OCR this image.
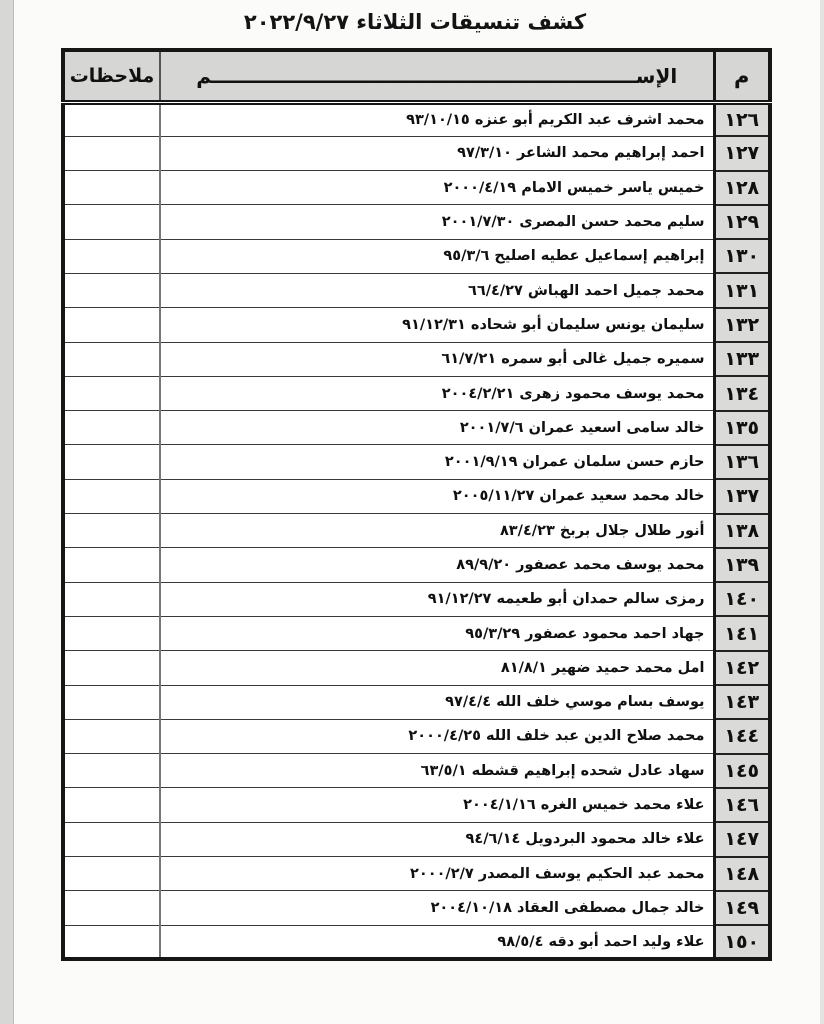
كشف تنسيقات الثلاثاء ٢٠٢٢/٩/٢٧
م	الإســــــــــــــــــــــــــــــــــــــــــــــــــــــــــــــم	ملاحظات
١٢٦	محمد اشرف عبد الكريم أبو عنزه ٩٣/١٠/١٥	
١٢٧	احمد إبراهيم محمد الشاعر ٩٧/٣/١٠	
١٢٨	خميس ياسر خميس الامام ٢٠٠٠/٤/١٩	
١٢٩	سليم محمد حسن المصرى ٢٠٠١/٧/٣٠	
١٣٠	إبراهيم إسماعيل عطيه اصليح ٩٥/٣/٦	
١٣١	محمد جميل احمد الهباش ٦٦/٤/٢٧	
١٣٢	سليمان يونس سليمان أبو شحاده ٩١/١٢/٣١	
١٣٣	سميره جميل غالى أبو سمره ٦١/٧/٢١	
١٣٤	محمد يوسف محمود زهرى ٢٠٠٤/٢/٢١	
١٣٥	خالد سامى اسعيد عمران ٢٠٠١/٧/٦	
١٣٦	حازم حسن سلمان عمران ٢٠٠١/٩/١٩	
١٣٧	خالد محمد سعيد عمران ٢٠٠٥/١١/٢٧	
١٣٨	أنور طلال جلال بربخ ٨٣/٤/٢٣	
١٣٩	محمد يوسف محمد عصفور ٨٩/٩/٢٠	
١٤٠	رمزى سالم حمدان أبو طعيمه ٩١/١٢/٢٧	
١٤١	جهاد احمد محمود عصفور ٩٥/٣/٢٩	
١٤٢	امل محمد حميد ضهير ٨١/٨/١	
١٤٣	يوسف بسام موسي خلف الله ٩٧/٤/٤	
١٤٤	محمد صلاح الدين عبد خلف الله ٢٠٠٠/٤/٢٥	
١٤٥	سهاد عادل شحده إبراهيم قشطه ٦٣/٥/١	
١٤٦	علاء محمد خميس الغره ٢٠٠٤/١/١٦	
١٤٧	علاء خالد محمود البردويل ٩٤/٦/١٤	
١٤٨	محمد عبد الحكيم يوسف المصدر ٢٠٠٠/٢/٧	
١٤٩	خالد جمال مصطفى العقاد ٢٠٠٤/١٠/١٨	
١٥٠	علاء وليد احمد أبو دقه ٩٨/٥/٤	
